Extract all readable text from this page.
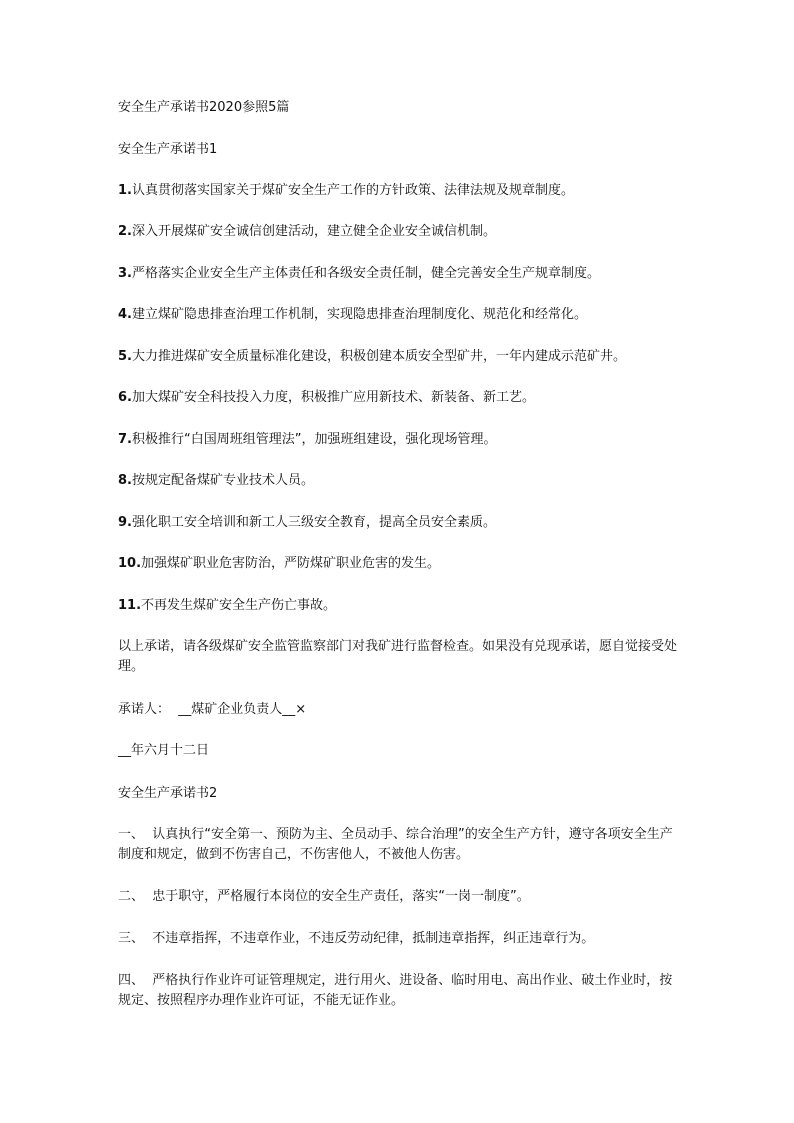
安全生产承诺书2020参照5篇
安全生产承诺书1
1.认真贯彻落实国家关于煤矿安全生产工作的方针政策、法律法规及规章制度。
2.深入开展煤矿安全诚信创建活动，建立健全企业安全诚信机制。
3.严格落实企业安全生产主体责任和各级安全责任制，健全完善安全生产规章制度。
4.建立煤矿隐患排查治理工作机制，实现隐患排查治理制度化、规范化和经常化。
5.大力推进煤矿安全质量标准化建设，积极创建本质安全型矿井，一年内建成示范矿井。
6.加大煤矿安全科技投入力度，积极推广应用新技术、新装备、新工艺。
7.积极推行“白国周班组管理法”，加强班组建设，强化现场管理。
8.按规定配备煤矿专业技术人员。
9.强化职工安全培训和新工人三级安全教育，提高全员安全素质。
10.加强煤矿职业危害防治，严防煤矿职业危害的发生。
11.不再发生煤矿安全生产伤亡事故。
以上承诺，请各级煤矿安全监管监察部门对我矿进行监督检查。如果没有兑现承诺，愿自觉接受处理。
承诺人：  __煤矿企业负责人__×
__年六月十二日
安全生产承诺书2
一、  认真执行“安全第一、预防为主、全员动手、综合治理”的安全生产方针，遵守各项安全生产制度和规定，做到不伤害自己，不伤害他人，不被他人伤害。
二、  忠于职守，严格履行本岗位的安全生产责任，落实“一岗一制度”。
三、  不违章指挥，不违章作业，不违反劳动纪律，抵制违章指挥，纠正违章行为。
四、  严格执行作业许可证管理规定，进行用火、进设备、临时用电、高出作业、破土作业时，按规定、按照程序办理作业许可证，不能无证作业。
